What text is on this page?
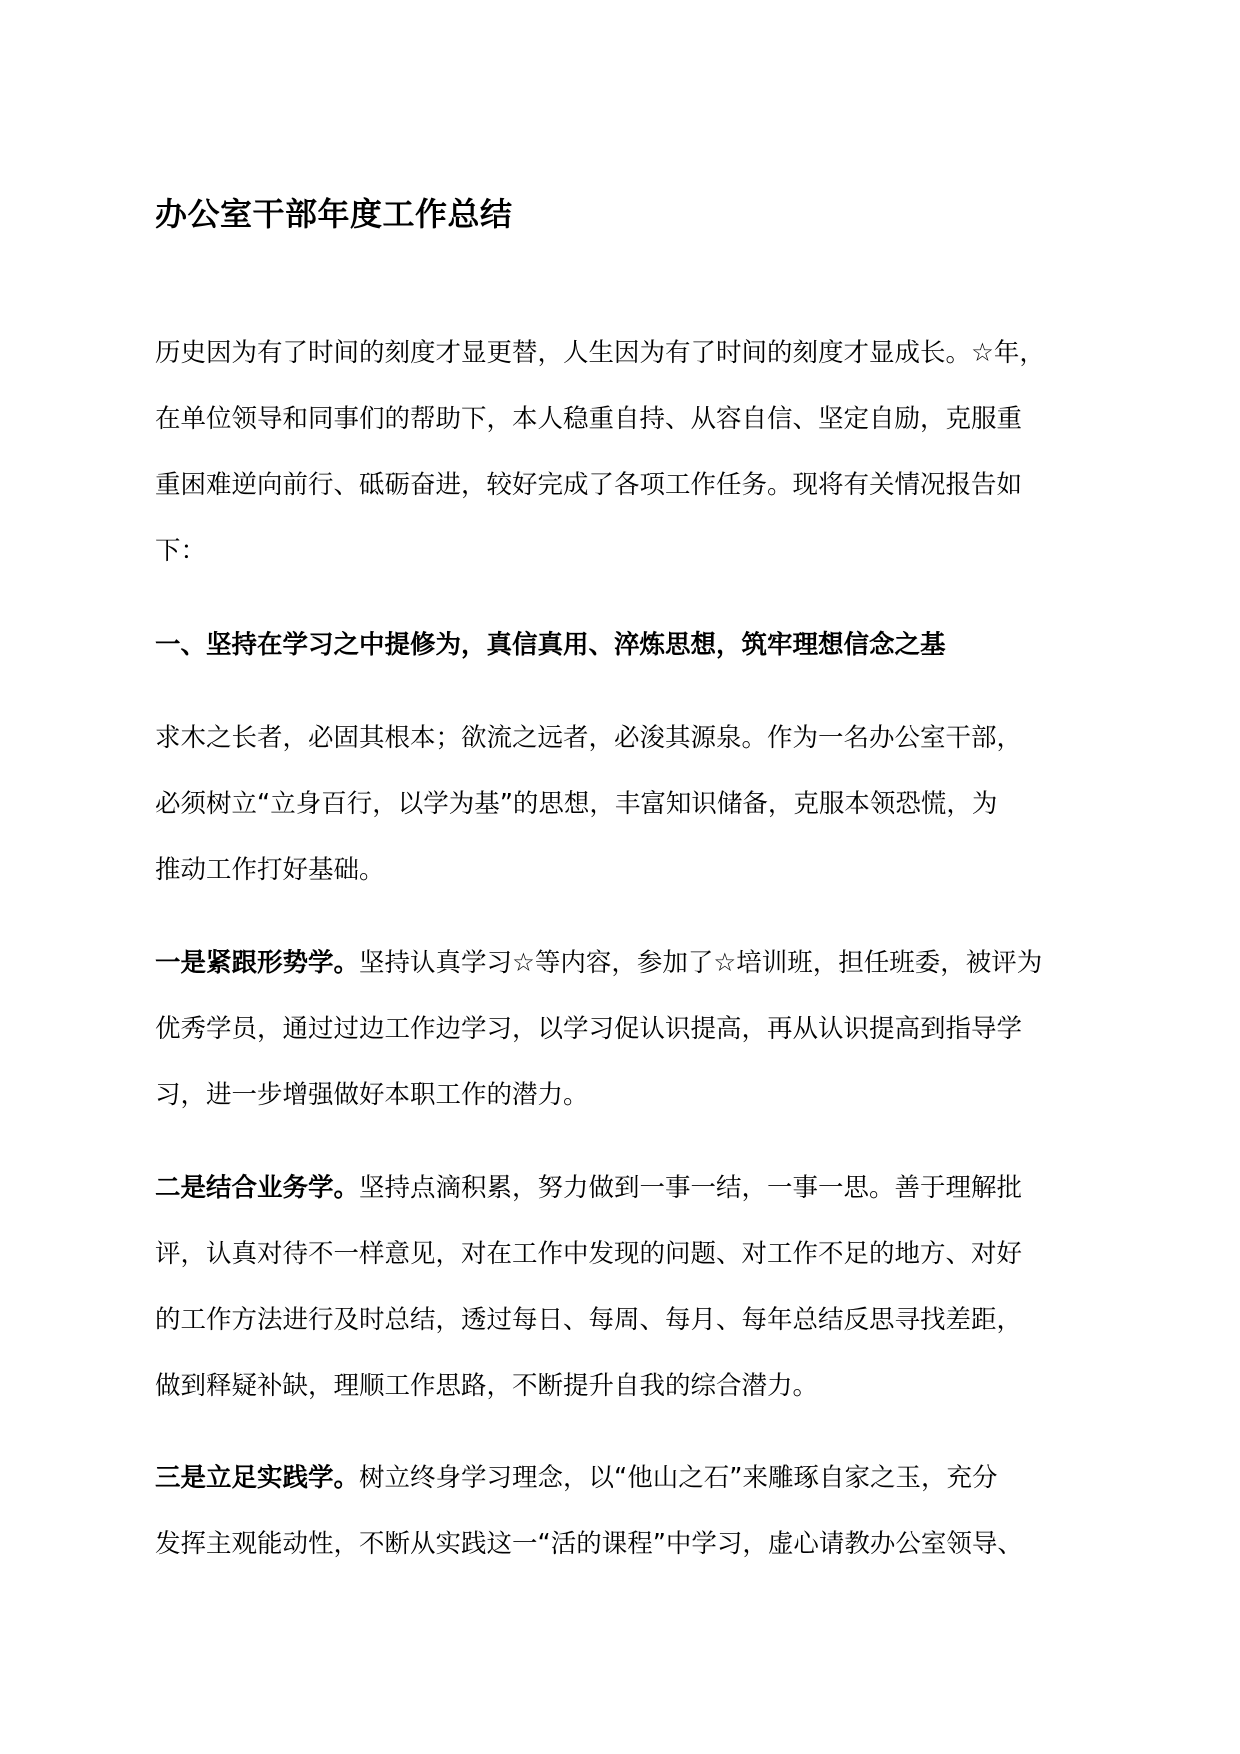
办公室干部年度工作总结
历史因为有了时间的刻度才显更替，人生因为有了时间的刻度才显成长。☆年，
在单位领导和同事们的帮助下，本人稳重自持、从容自信、坚定自励，克服重
重困难逆向前行、砥砺奋进，较好完成了各项工作任务。现将有关情况报告如
下：
一、坚持在学习之中提修为，真信真用、淬炼思想，筑牢理想信念之基
求木之长者，必固其根本；欲流之远者，必浚其源泉。作为一名办公室干部，
必须树立“立身百行，以学为基”的思想，丰富知识储备，克服本领恐慌，为
推动工作打好基础。
一是紧跟形势学。坚持认真学习☆等内容，参加了☆培训班，担任班委，被评为
优秀学员，通过过边工作边学习，以学习促认识提高，再从认识提高到指导学
习，进一步增强做好本职工作的潜力。
二是结合业务学。坚持点滴积累，努力做到一事一结，一事一思。善于理解批
评，认真对待不一样意见，对在工作中发现的问题、对工作不足的地方、对好
的工作方法进行及时总结，透过每日、每周、每月、每年总结反思寻找差距，
做到释疑补缺，理顺工作思路，不断提升自我的综合潜力。
三是立足实践学。树立终身学习理念，以“他山之石”来雕琢自家之玉，充分
发挥主观能动性，不断从实践这一“活的课程”中学习，虚心请教办公室领导、
